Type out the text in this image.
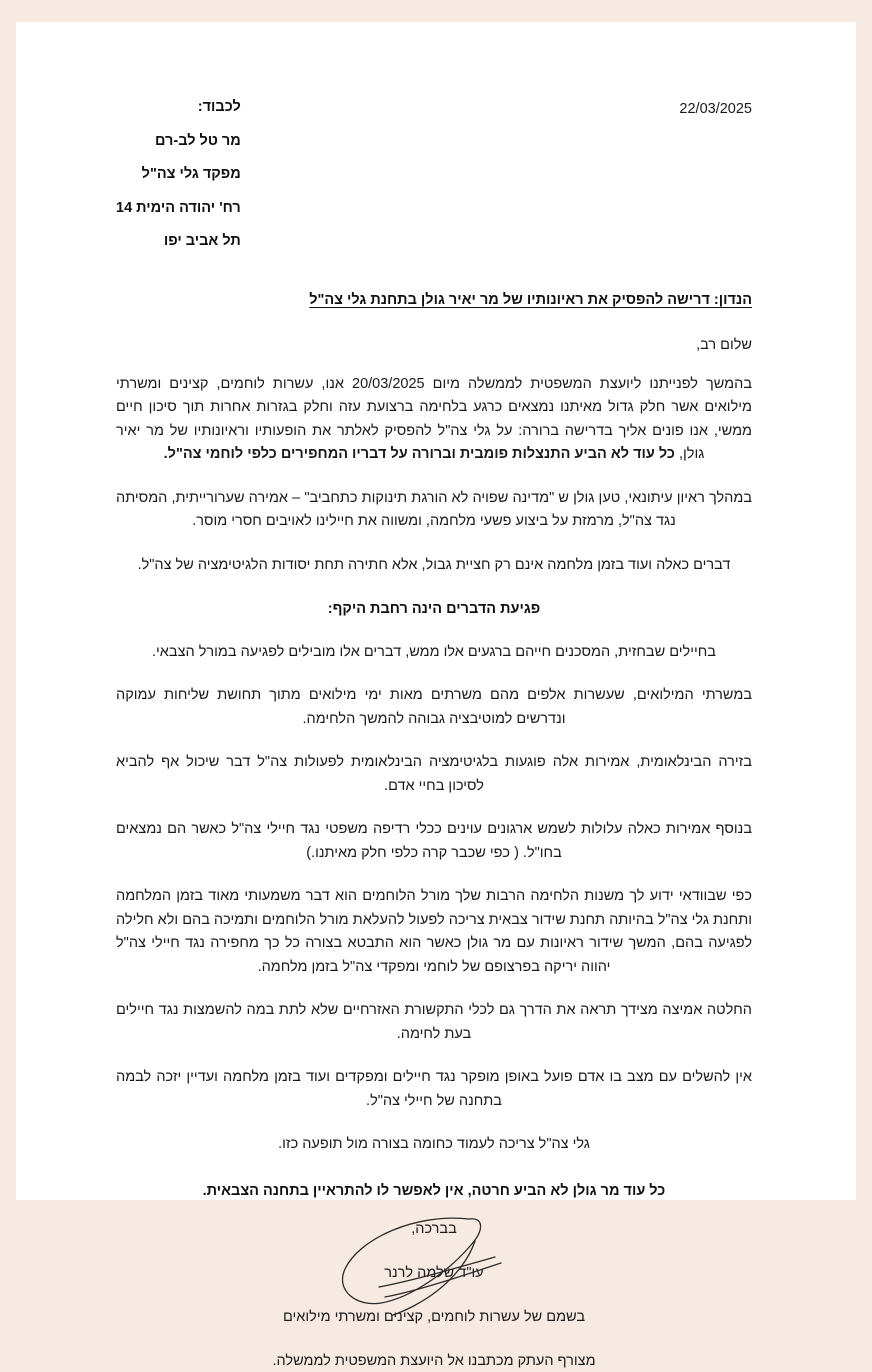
לכבוד:
מר טל לב-רם
מפקד גלי צה"ל
רח' יהודה הימית 14
תל אביב יפו
22/03/2025
הנדון: דרישה להפסיק את ראיונותיו של מר יאיר גולן בתחנת גלי צה"ל
שלום רב,

בהמשך לפנייתנו ליועצת המשפטית לממשלה מיום 20/03/2025 אנו, עשרות לוחמים, קצינים ומשרתי מילואים אשר חלק גדול מאיתנו נמצאים כרגע בלחימה ברצועת עזה וחלק בגזרות אחרות תוך סיכון חיים ממשי, אנו פונים אליך בדרישה ברורה: על גלי צה"ל להפסיק לאלתר את הופעותיו וראיונותיו של מר יאיר גולן, כל עוד לא הביע התנצלות פומבית וברורה על דבריו המחפירים כלפי לוחמי צה"ל.

במהלך ראיון עיתונאי, טען גולן ש "מדינה שפויה לא הורגת תינוקות כתחביב" – אמירה שערורייתית, המסיתה נגד צה"ל, מרמזת על ביצוע פשעי מלחמה, ומשווה את חיילינו לאויבים חסרי מוסר.

דברים כאלה ועוד בזמן מלחמה אינם רק חציית גבול, אלא חתירה תחת יסודות הלגיטימציה של צה"ל.

פגיעת הדברים הינה רחבת היקף:

בחיילים שבחזית, המסכנים חייהם ברגעים אלו ממש, דברים אלו מובילים לפגיעה במורל הצבאי.

במשרתי המילואים, שעשרות אלפים מהם משרתים מאות ימי מילואים מתוך תחושת שליחות עמוקה ונדרשים למוטיבציה גבוהה להמשך הלחימה.

בזירה הבינלאומית, אמירות אלה פוגעות בלגיטימציה הבינלאומית לפעולות צה"ל דבר שיכול אף להביא לסיכון בחיי אדם.

בנוסף אמירות כאלה עלולות לשמש ארגונים עוינים ככלי רדיפה משפטי נגד חיילי צה"ל כאשר הם נמצאים בחו"ל. ( כפי שכבר קרה כלפי חלק מאיתנו.)

כפי שבוודאי ידוע לך משנות הלחימה הרבות שלך מורל הלוחמים הוא דבר משמעותי מאוד בזמן המלחמה ותחנת גלי צה"ל בהיותה תחנת שידור צבאית צריכה לפעול להעלאת מורל הלוחמים ותמיכה בהם ולא חלילה לפגיעה בהם, המשך שידור ראיונות עם מר גולן כאשר הוא התבטא בצורה כל כך מחפירה נגד חיילי צה"ל יהווה יריקה בפרצופם של לוחמי ומפקדי צה"ל בזמן מלחמה.

החלטה אמיצה מצידך תראה את הדרך גם לכלי התקשורת האזרחיים שלא לתת במה להשמצות נגד חיילים בעת לחימה.

אין להשלים עם מצב בו אדם פועל באופן מופקר נגד חיילים ומפקדים ועוד בזמן מלחמה ועדיין יזכה לבמה בתחנה של חיילי צה"ל.

גלי צה"ל צריכה לעמוד כחומה בצורה מול תופעה כזו.

כל עוד מר גולן לא הביע חרטה, אין לאפשר לו להתראיין בתחנה הצבאית.
בברכה,
עו"ד שלמה לרנר
בשמם של עשרות לוחמים, קצינים ומשרתי מילואים
מצורף העתק מכתבנו אל היועצת המשפטית לממשלה.
